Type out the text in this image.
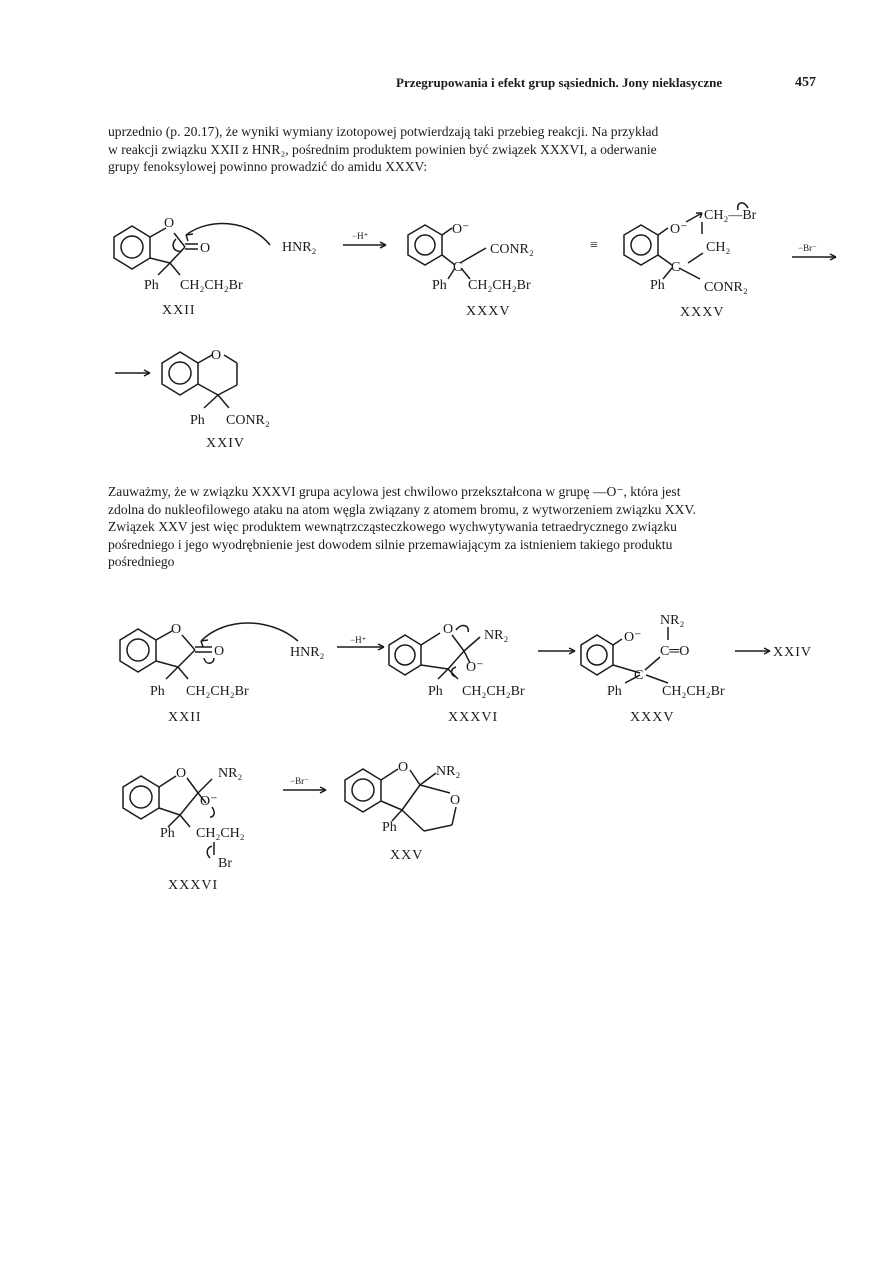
Przegrupowania i efekt grup sąsiednich. Jony nieklasyczne	457

uprzednio (p. 20.17), że wyniki wymiany izotopowej potwierdzają taki przebieg reakcji. Na przykład

w reakcji związku XXII z HNR₂, pośrednim produktem powinien być związek XXXVI, a oderwanie

grupy fenoksylowej powinno prowadzić do amidu XXXV:

O
O
Ph CH₂CH₂Br
XXII
HNR₂
−H⁺	O⁻
CONR₂
C
Ph CH₂CH₂Br
XXXV
≡
CH₂—Br
O⁻
CH₂
C
Ph	CONR₂
XXXV
−Br⁻
O
Ph CONR₂
XXIV

Zauważmy, że w związku XXXVI grupa acylowa jest chwilowo przekształcona w grupę —O⁻, która jest

zdolna do nukleofilowego ataku na atom węgla związany z atomem bromu, z wytworzeniem związku XXV.

Związek XXV jest więc produktem wewnątrzcząsteczkowego wychwytywania tetraedrycznego związku

pośredniego i jego wyodrębnienie jest dowodem silnie przemawiającym za istnieniem takiego produktu

pośredniego

O
O
Ph CH₂CH₂Br
XXII
HNR₂
−H⁺
O NR₂
O⁻
Ph CH₂CH₂Br
XXXVI
NR₂
O⁻
C═O
C
Ph	CH₂CH₂Br
XXXV
XXIV
O NR₂
O⁻
Ph CH₂CH₂
Br
XXXVI
−Br⁻
O NR₂
O
Ph
XXV
